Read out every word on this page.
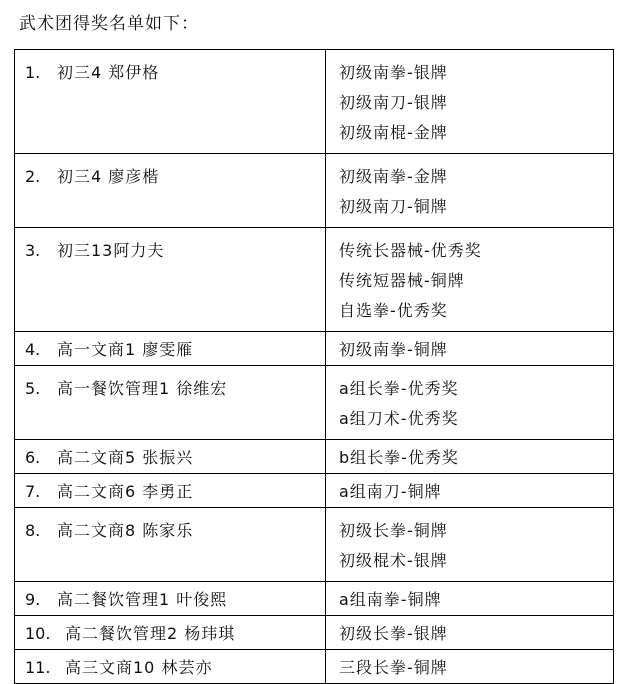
武术团得奖名单如下：
1. 初三4 郑伊格	初级南拳-银牌
初级南刀-银牌
初级南棍-金牌

2. 初三4 廖彦楷	初级南拳-金牌
初级南刀-铜牌

3. 初三13阿力夫	传统长器械-优秀奖
传统短器械-铜牌
自选拳-优秀奖

4. 高一文商1 廖雯雁	初级南拳-铜牌

5. 高一餐饮管理1 徐维宏	a组长拳-优秀奖
a组刀术-优秀奖

6. 高二文商5 张振兴	b组长拳-优秀奖

7. 高二文商6 李勇正	a组南刀-铜牌

8. 高二文商8 陈家乐	初级长拳-铜牌
初级棍术-银牌

9. 高二餐饮管理1 叶俊熙	a组南拳-铜牌

10. 高二餐饮管理2 杨玮琪	初级长拳-银牌

11. 高三文商10 林芸亦	三段长拳-铜牌
